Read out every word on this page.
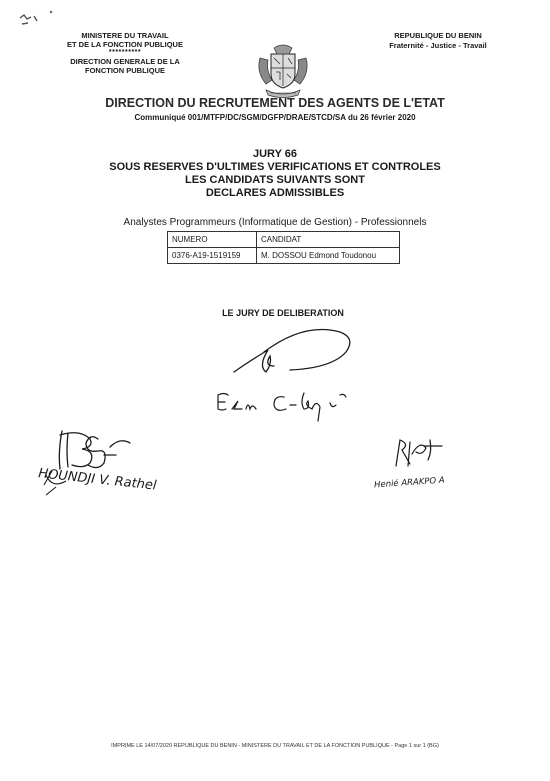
MINISTERE DU TRAVAIL
ET DE LA FONCTION PUBLIQUE
**********
DIRECTION GENERALE DE LA
FONCTION PUBLIQUE
REPUBLIQUE DU BENIN
Fraternité - Justice - Travail
DIRECTION DU RECRUTEMENT DES AGENTS DE L'ETAT
Communiqué 001/MTFP/DC/SGM/DGFP/DRAE/STCD/SA du 26 février 2020
JURY 66
SOUS RESERVES D'ULTIMES VERIFICATIONS ET CONTROLES
LES CANDIDATS SUIVANTS SONT
DECLARES ADMISSIBLES
Analystes Programmeurs (Informatique de Gestion) - Professionnels
NUMERO	CANDIDAT
0376-A19-1519159	M. DOSSOU Edmond Toudonou
LE JURY DE DELIBERATION
HOUNDJI V. Rathel	Henié ARAKPO A
IMPRIME LE 14/07/2020 REPUBLIQUE DU BENIN - MINISTERE DU TRAVAIL ET DE LA FONCTION PUBLIQUE - Page 1 sur 1 (BG)
